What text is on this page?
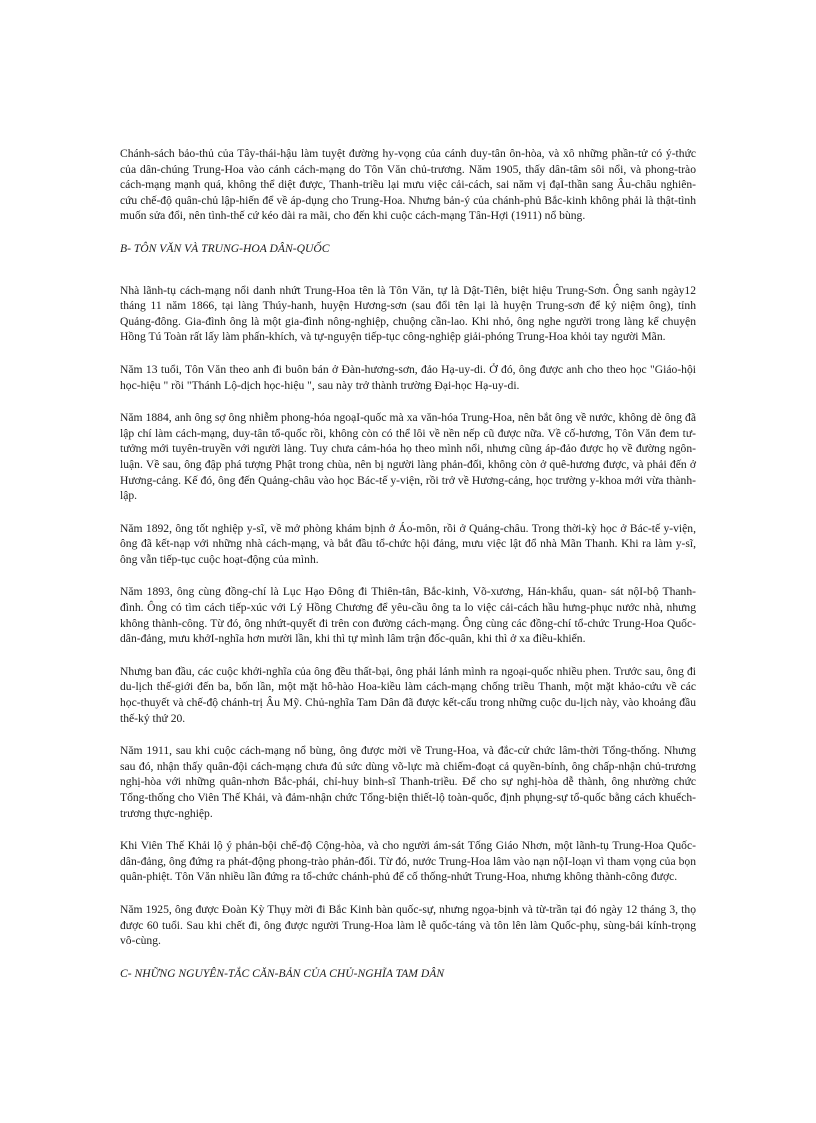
Chánh-sách bảo-thủ của Tây-thái-hậu làm tuyệt đường hy-vọng của cánh duy-tân ôn-hòa, và xô những phần-tử có ý-thức của dân-chúng Trung-Hoa vào cánh cách-mạng do Tôn Văn chủ-trương. Năm 1905, thấy dân-tâm sôi nổi, và phong-trào cách-mạng mạnh quá, không thể diệt được, Thanh-triều lại mưu việc cải-cách, sai năm vị đạI-thần sang Âu-châu nghiên-cứu chế-độ quân-chủ lập-hiến để về áp-dụng cho Trung-Hoa. Nhưng bản-ý của chánh-phủ Bắc-kinh không phải là thật-tình muốn sửa đổi, nên tình-thế cứ kéo dài ra mãi, cho đến khi cuộc cách-mạng Tân-Hợi (1911) nổ bùng.

B- TÔN VĂN VÀ TRUNG-HOA DÂN-QUỐC

Nhà lãnh-tụ cách-mạng nổi danh nhứt Trung-Hoa tên là Tôn Văn, tự là Dật-Tiên, biệt hiệu Trung-Sơn. Ông sanh ngày12 tháng 11 năm 1866, tại làng Thúy-hanh, huyện Hương-sơn (sau đổi tên lại là huyện Trung-sơn để kỷ niệm ông), tỉnh Quảng-đông. Gia-đình ông là một gia-đình nông-nghiệp, chuộng cần-lao. Khi nhỏ, ông nghe người trong làng kể chuyện Hồng Tú Toàn rất lấy làm phấn-khích, và tự-nguyện tiếp-tục công-nghiệp giải-phóng Trung-Hoa khỏi tay người Mãn.

Năm 13 tuổi, Tôn Văn theo anh đi buôn bán ở Đàn-hương-sơn, đảo Hạ-uy-di. Ở đó, ông được anh cho theo học "Giáo-hội học-hiệu " rồi "Thánh Lộ-dịch học-hiệu ", sau này trở thành trường Đại-học Hạ-uy-di.

Năm 1884, anh ông sợ ông nhiễm phong-hóa ngoạI-quốc mà xa văn-hóa Trung-Hoa, nên bắt ông về nước, không dè ông đã lập chí làm cách-mạng, duy-tân tổ-quốc rồi, không còn có thể lôi về nền nếp cũ được nữa. Về cố-hương, Tôn Văn đem tư-tưởng mới tuyên-truyền với người làng. Tuy chưa cảm-hóa họ theo mình nổi, nhưng cũng áp-đảo được họ về đường ngôn-luận. Về sau, ông đập phá tượng Phật trong chùa, nên bị người làng phản-đối, không còn ở quê-hương được, và phải đến ở Hương-cảng. Kế đó, ông đến Quảng-châu vào học Bác-tế y-viện, rồi trở về Hương-cảng, học trường y-khoa mới vừa thành-lập.

Năm 1892, ông tốt nghiệp y-sĩ, về mở phòng khám bịnh ở Áo-môn, rồi ở Quảng-châu. Trong thời-kỳ học ở Bác-tế y-viện, ông đã kết-nạp với những nhà cách-mạng, và bắt đầu tổ-chức hội đảng, mưu việc lật đổ nhà Mãn Thanh. Khi ra làm y-sĩ, ông vẫn tiếp-tục cuộc hoạt-động của mình.

Năm 1893, ông cùng đồng-chí là Lục Hạo Đông đi Thiên-tân, Bắc-kinh, Võ-xương, Hán-khẩu, quan- sát nộI-bộ Thanh-đình. Ông có tìm cách tiếp-xúc với Lý Hồng Chương để yêu-cầu ông ta lo việc cải-cách hầu hưng-phục nước nhà, nhưng không thành-công. Từ đó, ông nhứt-quyết đi trên con đường cách-mạng. Ông cùng các đồng-chí tổ-chức Trung-Hoa Quốc-dân-đảng, mưu khởI-nghĩa hơn mười lần, khi thì tự mình lâm trận đốc-quân, khi thì ở xa điều-khiển.

Nhưng ban đầu, các cuộc khởi-nghĩa của ông đều thất-bại, ông phải lánh mình ra ngoại-quốc nhiều phen. Trước sau, ông đi du-lịch thế-giới đến ba, bốn lần, một mặt hô-hào Hoa-kiều làm cách-mạng chống triều Thanh, một mặt khảo-cứu về các học-thuyết và chế-độ chánh-trị Âu Mỹ. Chủ-nghĩa Tam Dân đã được kết-cấu trong những cuộc du-lịch này, vào khoảng đầu thế-kỷ thứ 20.

Năm 1911, sau khi cuộc cách-mạng nổ bùng, ông được mời về Trung-Hoa, và đắc-cử chức lâm-thời Tổng-thống. Nhưng sau đó, nhận thấy quân-đội cách-mạng chưa đủ sức dùng võ-lực mà chiếm-đoạt cả quyền-bính, ông chấp-nhận chủ-trương nghị-hòa với những quân-nhơn Bắc-phái, chỉ-huy binh-sĩ Thanh-triều. Để cho sự nghị-hòa dễ thành, ông nhường chức Tổng-thống cho Viên Thế Khải, và đảm-nhận chức Tổng-biện thiết-lộ toàn-quốc, định phụng-sự tổ-quốc bằng cách khuếch-trương thực-nghiệp.

Khi Viên Thế Khải lộ ý phản-bội chế-độ Cộng-hòa, và cho người ám-sát Tống Giáo Nhơn, một lãnh-tụ Trung-Hoa Quốc-dân-đảng, ông đứng ra phát-động phong-trào phản-đối. Từ đó, nước Trung-Hoa lâm vào nạn nộI-loạn vì tham vọng của bọn quân-phiệt. Tôn Văn nhiều lần đứng ra tổ-chức chánh-phủ để cố thống-nhứt Trung-Hoa, nhưng không thành-công được.

Năm 1925, ông được Đoàn Kỳ Thụy mời đi Bắc Kinh bàn quốc-sự, nhưng ngọa-bịnh và từ-trần tại đó ngày 12 tháng 3, thọ được 60 tuổi. Sau khi chết đi, ông được người Trung-Hoa làm lễ quốc-táng và tôn lên làm Quốc-phụ, sùng-bái kính-trọng vô-cùng.

C- NHỮNG NGUYÊN-TẮC CĂN-BẢN CỦA CHỦ-NGHĨA TAM DÂN
